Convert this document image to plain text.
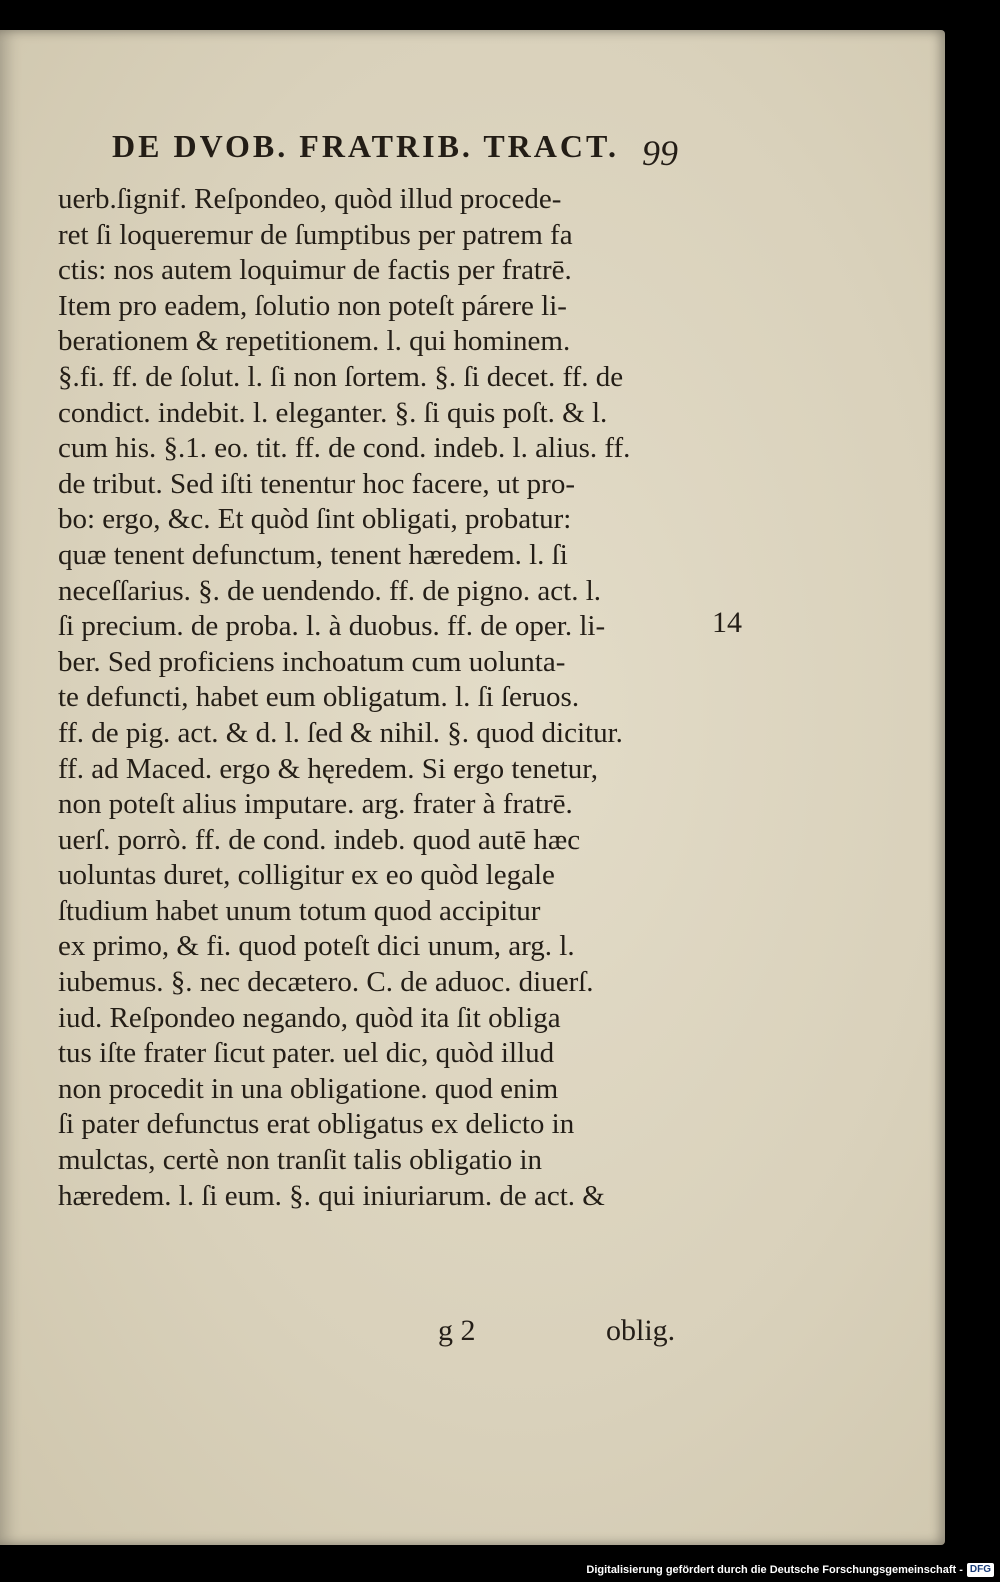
DE DVOB. FRATRIB. TRACT. 99
uerb.ſignif. Reſpondeo, quòd illud procede-
ret ſi loqueremur de ſumptibus per patrem fa
ctis: nos autem loquimur de factis per fratrē.
Item pro eadem, ſolutio non poteſt párere li-
berationem & repetitionem. l. qui hominem.
§.fi. ff. de ſolut. l. ſi non ſortem. §. ſi decet. ff. de
condict. indebit. l. eleganter. §. ſi quis poſt. & l.
cum his. §.1. eo. tit. ff. de cond. indeb. l. alius. ff.
de tribut. Sed iſti tenentur hoc facere, ut pro-
bo: ergo, &c. Et quòd ſint obligati, probatur:
quæ tenent defunctum, tenent hæredem. l. ſi
neceſſarius. §. de uendendo. ff. de pigno. act. l.
ſi precium. de proba. l. à duobus. ff. de oper. li-
ber. Sed proficiens inchoatum cum uolunta-
te defuncti, habet eum obligatum. l. ſi ſeruos.
ff. de pig. act. & d. l. ſed & nihil. §. quod dicitur.
ff. ad Maced. ergo & hęredem. Si ergo tenetur,
non poteſt alius imputare. arg. frater à fratrē.
uerſ. porrò. ff. de cond. indeb. quod autē hæc
uoluntas duret, colligitur ex eo quòd legale
ſtudium habet unum totum quod accipitur
ex primo, & fi. quod poteſt dici unum, arg. l.
iubemus. §. nec decætero. C. de aduoc. diuerſ.
iud. Reſpondeo negando, quòd ita ſit obliga
tus iſte frater ſicut pater. uel dic, quòd illud
non procedit in una obligatione. quod enim
ſi pater defunctus erat obligatus ex delicto in
mulctas, certè non tranſit talis obligatio in
hæredem. l. ſi eum. §. qui iniuriarum. de act. &
14
g 2	oblig.
Digitalisierung gefördert durch die Deutsche Forschungsgemeinschaft - DFG
